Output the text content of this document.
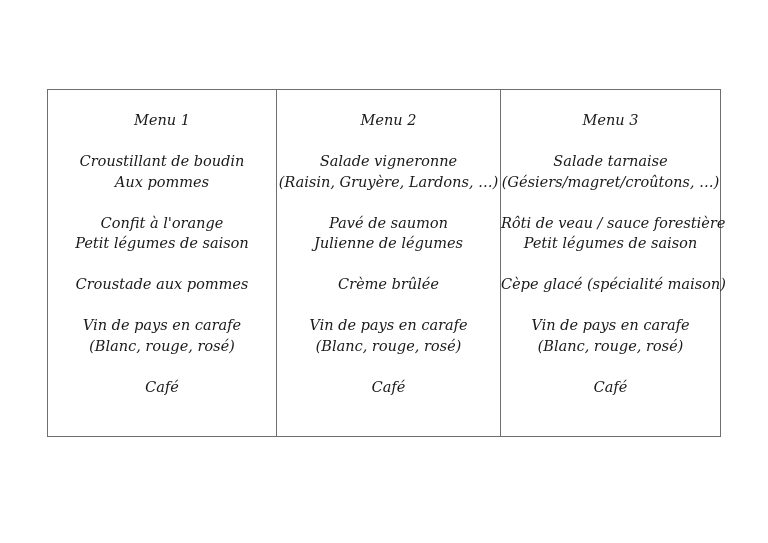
Menu 1
Croustillant de boudin
Aux pommes
Confit à l'orange
Petit légumes de saison
Croustade aux pommes
Vin de pays en carafe
(Blanc, rouge, rosé)
Café
Menu 2
Salade vigneronne
(Raisin, Gruyère, Lardons, …)
Pavé de saumon
Julienne de légumes
Crème brûlée
Vin de pays en carafe
(Blanc, rouge, rosé)
Café
Menu 3
Salade tarnaise
(Gésiers/magret/croûtons, …)
Rôti de veau / sauce forestière
Petit légumes de saison
Cèpe glacé (spécialité maison)
Vin de pays en carafe
(Blanc, rouge, rosé)
Café
